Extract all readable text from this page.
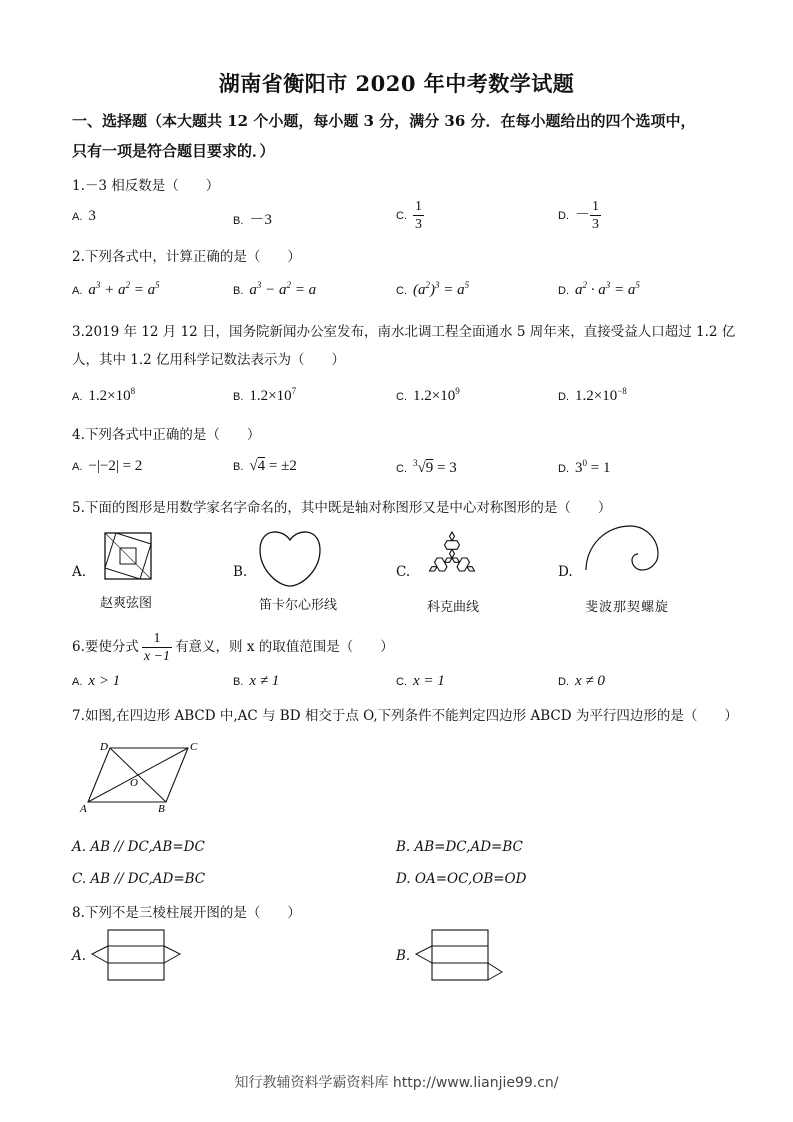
湖南省衡阳市 2020 年中考数学试题
一、选择题（本大题共 12 个小题，每小题 3 分，满分 36 分．在每小题给出的四个选项中，
只有一项是符合题目要求的．）
1.－3 相反数是（　　）
A. 3	B. －3	C. $\frac{1}{3}$	D. － $\frac{1}{3}$
2.下列各式中，计算正确的是（　　）
A. $a^3 + a^2 = a^5$	B. $a^3 - a^2 = a$	C. $(a^2)^3 = a^5$	D. $a^2 \cdot a^3 = a^5$
3.2019 年 12 月 12 日，国务院新闻办公室发布，南水北调工程全面通水 5 周年来，直接受益人口超过 1.2 亿
人，其中 1.2 亿用科学记数法表示为（　　）
A. $1.2\times 10^8$	B. $1.2\times 10^7$	C. $1.2\times 10^9$	D. $1.2\times 10^{-8}$
4.下列各式中正确的是（　　）
A. −|−2| = 2	B. √4 = ±2	C. $^3$√9 = 3	D. $3^0 = 1$
5.下面的图形是用数学家名字命名的，其中既是轴对称图形又是中心对称图形的是（　　）
A.	B.	C.	D.
赵爽弦图	笛卡尔心形线	科克曲线	斐波那契螺旋
6.要使分式 $\frac{1}{x -1}$ 有意义，则 x 的取值范围是（　　）
A. x > 1	B. x ≠ 1	C. x = 1	D. x ≠ 0
7.如图,在四边形 ABCD 中,AC 与 BD 相交于点 O,下列条件不能判定四边形 ABCD 为平行四边形的是（　　）
D	C
O
A	B
A. AB // DC,AB=DC	B. AB=DC,AD=BC
C. AB // DC,AD=BC	D. OA=OC,OB=OD
8.下列不是三棱柱展开图的是（　　）
A.	B.
知行教辅资料学霸资料库 http://www.lianjie99.cn/
